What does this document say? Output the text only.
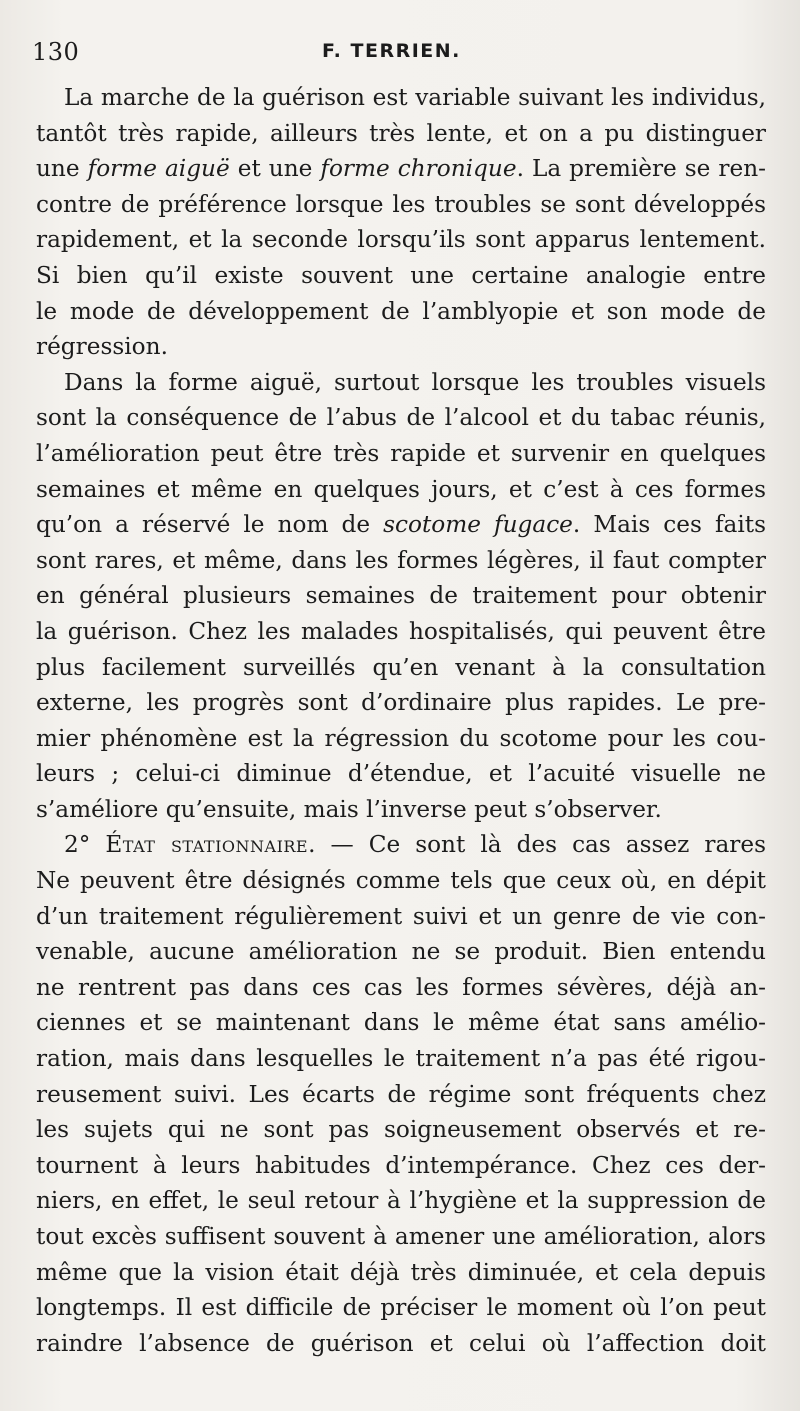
130	F. TERRIEN.
La marche de la guérison est variable suivant les individus,
tantôt très rapide, ailleurs très lente, et on a pu distinguer
une forme aiguë et une forme chronique. La première se ren-
contre de préférence lorsque les troubles se sont développés
rapidement, et la seconde lorsqu’ils sont apparus lentement.
Si bien qu’il existe souvent une certaine analogie entre
le mode de développement de l’amblyopie et son mode de
régression.
Dans la forme aiguë, surtout lorsque les troubles visuels
sont la conséquence de l’abus de l’alcool et du tabac réunis,
l’amélioration peut être très rapide et survenir en quelques
semaines et même en quelques jours, et c’est à ces formes
qu’on a réservé le nom de scotome fugace. Mais ces faits
sont rares, et même, dans les formes légères, il faut compter
en général plusieurs semaines de traitement pour obtenir
la guérison. Chez les malades hospitalisés, qui peuvent être
plus facilement surveillés qu’en venant à la consultation
externe, les progrès sont d’ordinaire plus rapides. Le pre-
mier phénomène est la régression du scotome pour les cou-
leurs ; celui-ci diminue d’étendue, et l’acuité visuelle ne
s’améliore qu’ensuite, mais l’inverse peut s’observer.
2° État stationnaire. — Ce sont là des cas assez rares
Ne peuvent être désignés comme tels que ceux où, en dépit
d’un traitement régulièrement suivi et un genre de vie con-
venable, aucune amélioration ne se produit. Bien entendu
ne rentrent pas dans ces cas les formes sévères, déjà an-
ciennes et se maintenant dans le même état sans amélio-
ration, mais dans lesquelles le traitement n’a pas été rigou-
reusement suivi. Les écarts de régime sont fréquents chez
les sujets qui ne sont pas soigneusement observés et re-
tournent à leurs habitudes d’intempérance. Chez ces der-
niers, en effet, le seul retour à l’hygiène et la suppression de
tout excès suffisent souvent à amener une amélioration, alors
même que la vision était déjà très diminuée, et cela depuis
longtemps. Il est difficile de préciser le moment où l’on peut
raindre l’absence de guérison et celui où l’affection doit
